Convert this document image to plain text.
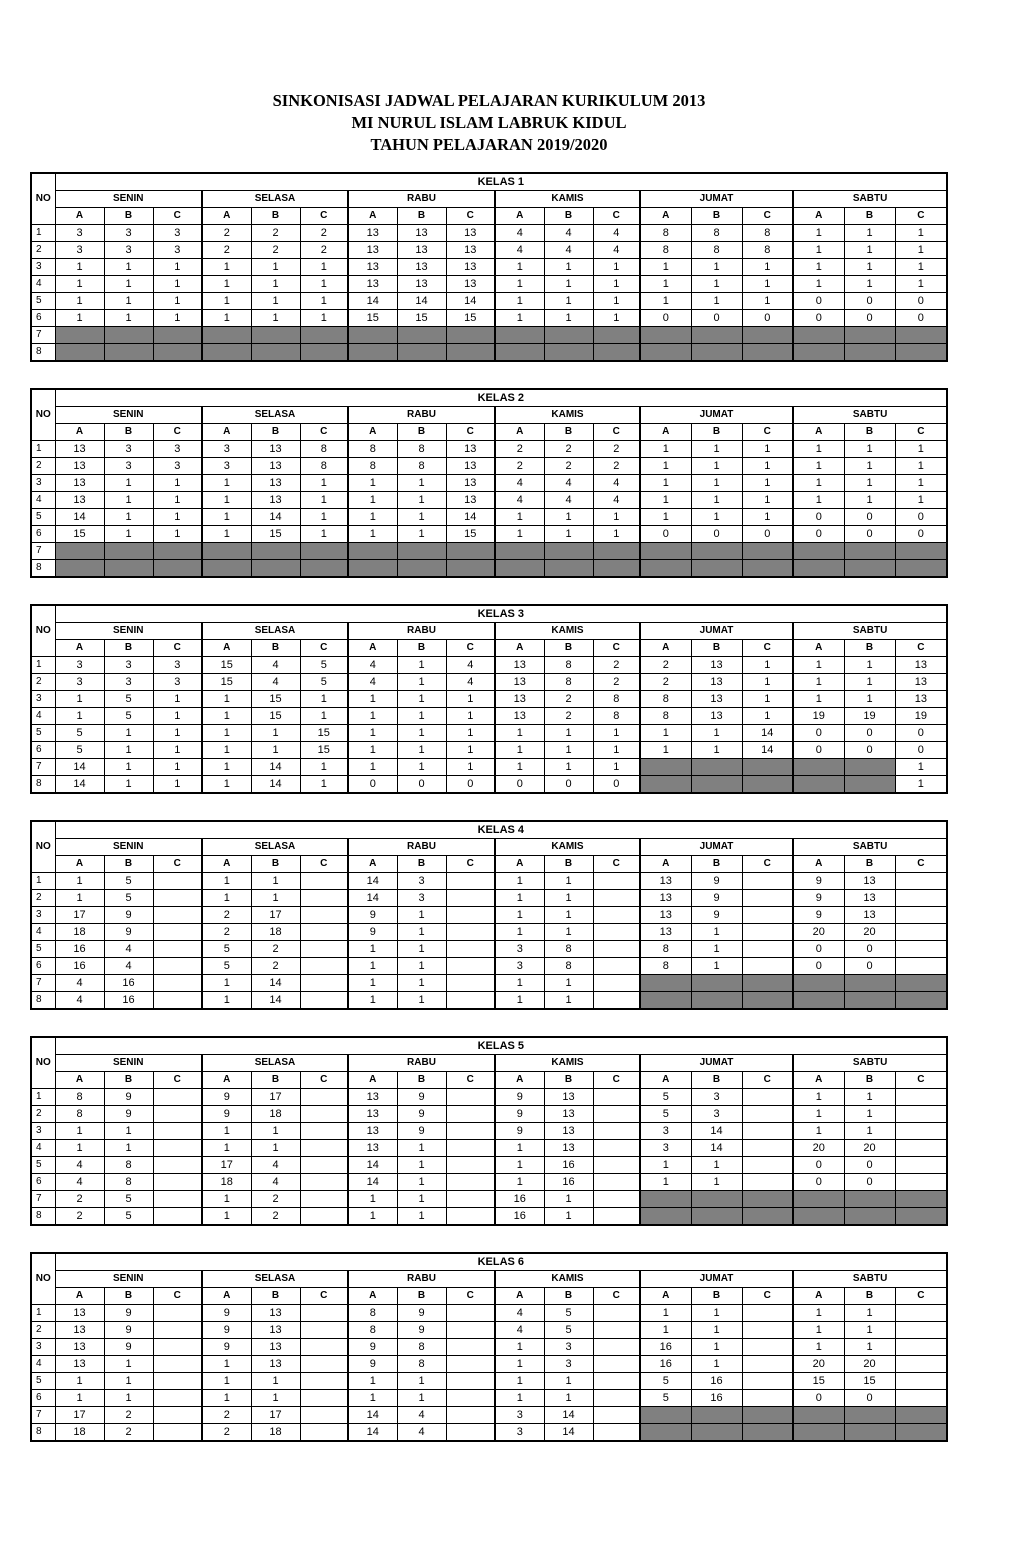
SINKONISASI JADWAL PELAJARAN KURIKULUM 2013
MI NURUL ISLAM LABRUK KIDUL
TAHUN PELAJARAN 2019/2020
NO	KELAS 1																	
	SENIN			SELASA			RABU			KAMIS			JUMAT			SABTU		
	A	B	C	A	B	C	A	B	C	A	B	C	A	B	C	A	B	C
1	3	3	3	2	2	2	13	13	13	4	4	4	8	8	8	1	1	1
2	3	3	3	2	2	2	13	13	13	4	4	4	8	8	8	1	1	1
3	1	1	1	1	1	1	13	13	13	1	1	1	1	1	1	1	1	1
4	1	1	1	1	1	1	13	13	13	1	1	1	1	1	1	1	1	1
5	1	1	1	1	1	1	14	14	14	1	1	1	1	1	1	0	0	0
6	1	1	1	1	1	1	15	15	15	1	1	1	0	0	0	0	0	0
7																		
8																		
NO	KELAS 2																	
	SENIN			SELASA			RABU			KAMIS			JUMAT			SABTU		
	A	B	C	A	B	C	A	B	C	A	B	C	A	B	C	A	B	C
1	13	3	3	3	13	8	8	8	13	2	2	2	1	1	1	1	1	1
2	13	3	3	3	13	8	8	8	13	2	2	2	1	1	1	1	1	1
3	13	1	1	1	13	1	1	1	13	4	4	4	1	1	1	1	1	1
4	13	1	1	1	13	1	1	1	13	4	4	4	1	1	1	1	1	1
5	14	1	1	1	14	1	1	1	14	1	1	1	1	1	1	0	0	0
6	15	1	1	1	15	1	1	1	15	1	1	1	0	0	0	0	0	0
7																		
8																		
NO	KELAS 3																	
	SENIN			SELASA			RABU			KAMIS			JUMAT			SABTU		
	A	B	C	A	B	C	A	B	C	A	B	C	A	B	C	A	B	C
1	3	3	3	15	4	5	4	1	4	13	8	2	2	13	1	1	1	13
2	3	3	3	15	4	5	4	1	4	13	8	2	2	13	1	1	1	13
3	1	5	1	1	15	1	1	1	1	13	2	8	8	13	1	1	1	13
4	1	5	1	1	15	1	1	1	1	13	2	8	8	13	1	19	19	19
5	5	1	1	1	1	15	1	1	1	1	1	1	1	1	14	0	0	0
6	5	1	1	1	1	15	1	1	1	1	1	1	1	1	14	0	0	0
7	14	1	1	1	14	1	1	1	1	1	1	1						1
8	14	1	1	1	14	1	0	0	0	0	0	0						1
NO	KELAS 4																	
	SENIN			SELASA			RABU			KAMIS			JUMAT			SABTU		
	A	B	C	A	B	C	A	B	C	A	B	C	A	B	C	A	B	C
1	1	5		1	1		14	3		1	1		13	9		9	13	
2	1	5		1	1		14	3		1	1		13	9		9	13	
3	17	9		2	17		9	1		1	1		13	9		9	13	
4	18	9		2	18		9	1		1	1		13	1		20	20	
5	16	4		5	2		1	1		3	8		8	1		0	0	
6	16	4		5	2		1	1		3	8		8	1		0	0	
7	4	16		1	14		1	1		1	1							
8	4	16		1	14		1	1		1	1							
NO	KELAS 5																	
	SENIN			SELASA			RABU			KAMIS			JUMAT			SABTU		
	A	B	C	A	B	C	A	B	C	A	B	C	A	B	C	A	B	C
1	8	9		9	17		13	9		9	13		5	3		1	1	
2	8	9		9	18		13	9		9	13		5	3		1	1	
3	1	1		1	1		13	9		9	13		3	14		1	1	
4	1	1		1	1		13	1		1	13		3	14		20	20	
5	4	8		17	4		14	1		1	16		1	1		0	0	
6	4	8		18	4		14	1		1	16		1	1		0	0	
7	2	5		1	2		1	1		16	1							
8	2	5		1	2		1	1		16	1							
NO	KELAS 6																	
	SENIN			SELASA			RABU			KAMIS			JUMAT			SABTU		
	A	B	C	A	B	C	A	B	C	A	B	C	A	B	C	A	B	C
1	13	9		9	13		8	9		4	5		1	1		1	1	
2	13	9		9	13		8	9		4	5		1	1		1	1	
3	13	9		9	13		9	8		1	3		16	1		1	1	
4	13	1		1	13		9	8		1	3		16	1		20	20	
5	1	1		1	1		1	1		1	1		5	16		15	15	
6	1	1		1	1		1	1		1	1		5	16		0	0	
7	17	2		2	17		14	4		3	14							
8	18	2		2	18		14	4		3	14							
